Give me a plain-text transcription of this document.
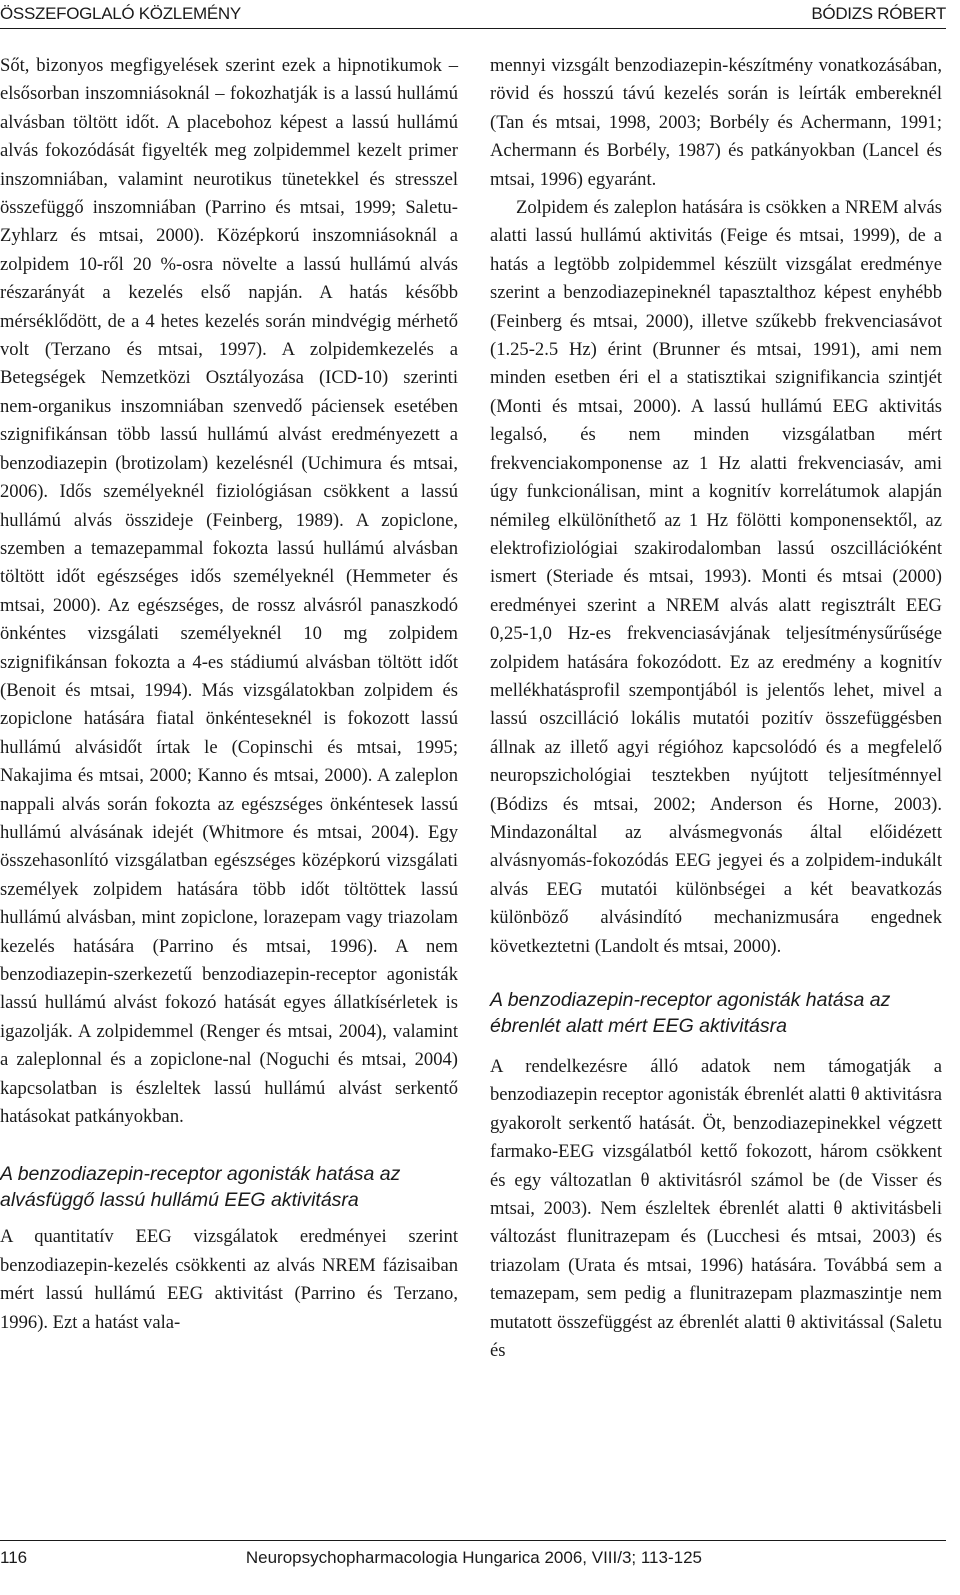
ÖSSZEFOGLALÓ KÖZLEMÉNY	BÓDIZS RÓBERT

Sőt, bizonyos megfigyelések szerint ezek a hipnotikumok – elsősorban inszomniásoknál – fokozhatják is a lassú hullámú alvásban töltött időt. A placebohoz képest a lassú hullámú alvás fokozódását figyelték meg zolpidemmel kezelt primer inszomniában, valamint neurotikus tünetekkel és stresszel összefüggő inszomniában (Parrino és mtsai, 1999; Saletu-Zyhlarz és mtsai, 2000). Középkorú inszomniásoknál a zolpidem 10-ről 20 %-osra növelte a lassú hullámú alvás részarányát a kezelés első napján. A hatás később mérséklődött, de a 4 hetes kezelés során mindvégig mérhető volt (Terzano és mtsai, 1997). A zolpidemkezelés a Betegségek Nemzetközi Osztályozása (ICD-10) szerinti nem-organikus inszomniában szenvedő páciensek esetében szignifikánsan több lassú hullámú alvást eredményezett a benzodiazepin (brotizolam) kezelésnél (Uchimura és mtsai, 2006). Idős személyeknél fiziológiásan csökkent a lassú hullámú alvás összideje (Feinberg, 1989). A zopiclone, szemben a temazepammal fokozta lassú hullámú alvásban töltött időt egészséges idős személyeknél (Hemmeter és mtsai, 2000). Az egészséges, de rossz alvásról panaszkodó önkéntes vizsgálati személyeknél 10 mg zolpidem szignifikánsan fokozta a 4-es stádiumú alvásban töltött időt (Benoit és mtsai, 1994). Más vizsgálatokban zolpidem és zopiclone hatására fiatal önkénteseknél is fokozott lassú hullámú alvásidőt írtak le (Copinschi és mtsai, 1995; Nakajima és mtsai, 2000; Kanno és mtsai, 2000). A zaleplon nappali alvás során fokozta az egészséges önkéntesek lassú hullámú alvásának idejét (Whitmore és mtsai, 2004). Egy összehasonlító vizsgálatban egészséges középkorú vizsgálati személyek zolpidem hatására több időt töltöttek lassú hullámú alvásban, mint zopiclone, lorazepam vagy triazolam kezelés hatására (Parrino és mtsai, 1996). A nem benzodiazepin-szerkezetű benzodiazepin-receptor agonisták lassú hullámú alvást fokozó hatását egyes állatkísérletek is igazolják. A zolpidemmel (Renger és mtsai, 2004), valamint a zaleplonnal és a zopiclone-nal (Noguchi és mtsai, 2004) kapcsolatban is észleltek lassú hullámú alvást serkentő hatásokat patkányokban.

A benzodiazepin-receptor agonisták hatása az alvásfüggő lassú hullámú EEG aktivitásra

A quantitatív EEG vizsgálatok eredményei szerint benzodiazepin-kezelés csökkenti az alvás NREM fázisaiban mért lassú hullámú EEG aktivitást (Parrino és Terzano, 1996). Ezt a hatást vala-

mennyi vizsgált benzodiazepin-készítmény vonatkozásában, rövid és hosszú távú kezelés során is leírták embereknél (Tan és mtsai, 1998, 2003; Borbély és Achermann, 1991; Achermann és Borbély, 1987) és patkányokban (Lancel és mtsai, 1996) egyaránt.

Zolpidem és zaleplon hatására is csökken a NREM alvás alatti lassú hullámú aktivitás (Feige és mtsai, 1999), de a hatás a legtöbb zolpidemmel készült vizsgálat eredménye szerint a benzodiazepineknél tapasztalthoz képest enyhébb (Feinberg és mtsai, 2000), illetve szűkebb frekvenciasávot (1.25-2.5 Hz) érint (Brunner és mtsai, 1991), ami nem minden esetben éri el a statisztikai szignifikancia szintjét (Monti és mtsai, 2000). A lassú hullámú EEG aktivitás legalsó, és nem minden vizsgálatban mért frekvenciakomponense az 1 Hz alatti frekvenciasáv, ami úgy funkcionálisan, mint a kognitív korrelátumok alapján némileg elkülöníthető az 1 Hz fölötti komponensektől, az elektrofiziológiai szakirodalomban lassú oszcillációként ismert (Steriade és mtsai, 1993). Monti és mtsai (2000) eredményei szerint a NREM alvás alatt regisztrált EEG 0,25-1,0 Hz-es frekvenciasávjának teljesítménysűrűsége zolpidem hatására fokozódott. Ez az eredmény a kognitív mellékhatásprofil szempontjából is jelentős lehet, mivel a lassú oszcilláció lokális mutatói pozitív összefüggésben állnak az illető agyi régióhoz kapcsolódó és a megfelelő neuropszichológiai tesztekben nyújtott teljesítménnyel (Bódizs és mtsai, 2002; Anderson és Horne, 2003). Mindazonáltal az alvásmegvonás által előidézett alvásnyomás-fokozódás EEG jegyei és a zolpidem-indukált alvás EEG mutatói különbségei a két beavatkozás különböző alvásindító mechanizmusára engednek következtetni (Landolt és mtsai, 2000).

A benzodiazepin-receptor agonisták hatása az ébrenlét alatt mért EEG aktivitásra

A rendelkezésre álló adatok nem támogatják a benzodiazepin receptor agonisták ébrenlét alatti θ aktivitásra gyakorolt serkentő hatását. Öt, benzodiazepinekkel végzett farmako-EEG vizsgálatból kettő fokozott, három csökkent és egy változatlan θ aktivitásról számol be (de Visser és mtsai, 2003). Nem észleltek ébrenlét alatti θ aktivitásbeli változást flunitrazepam és (Lucchesi és mtsai, 2003) és triazolam (Urata és mtsai, 1996) hatására. Továbbá sem a temazepam, sem pedig a flunitrazepam plazmaszintje nem mutatott összefüggést az ébrenlét alatti θ aktivitással (Saletu és

116	Neuropsychopharmacologia Hungarica 2006, VIII/3; 113-125
